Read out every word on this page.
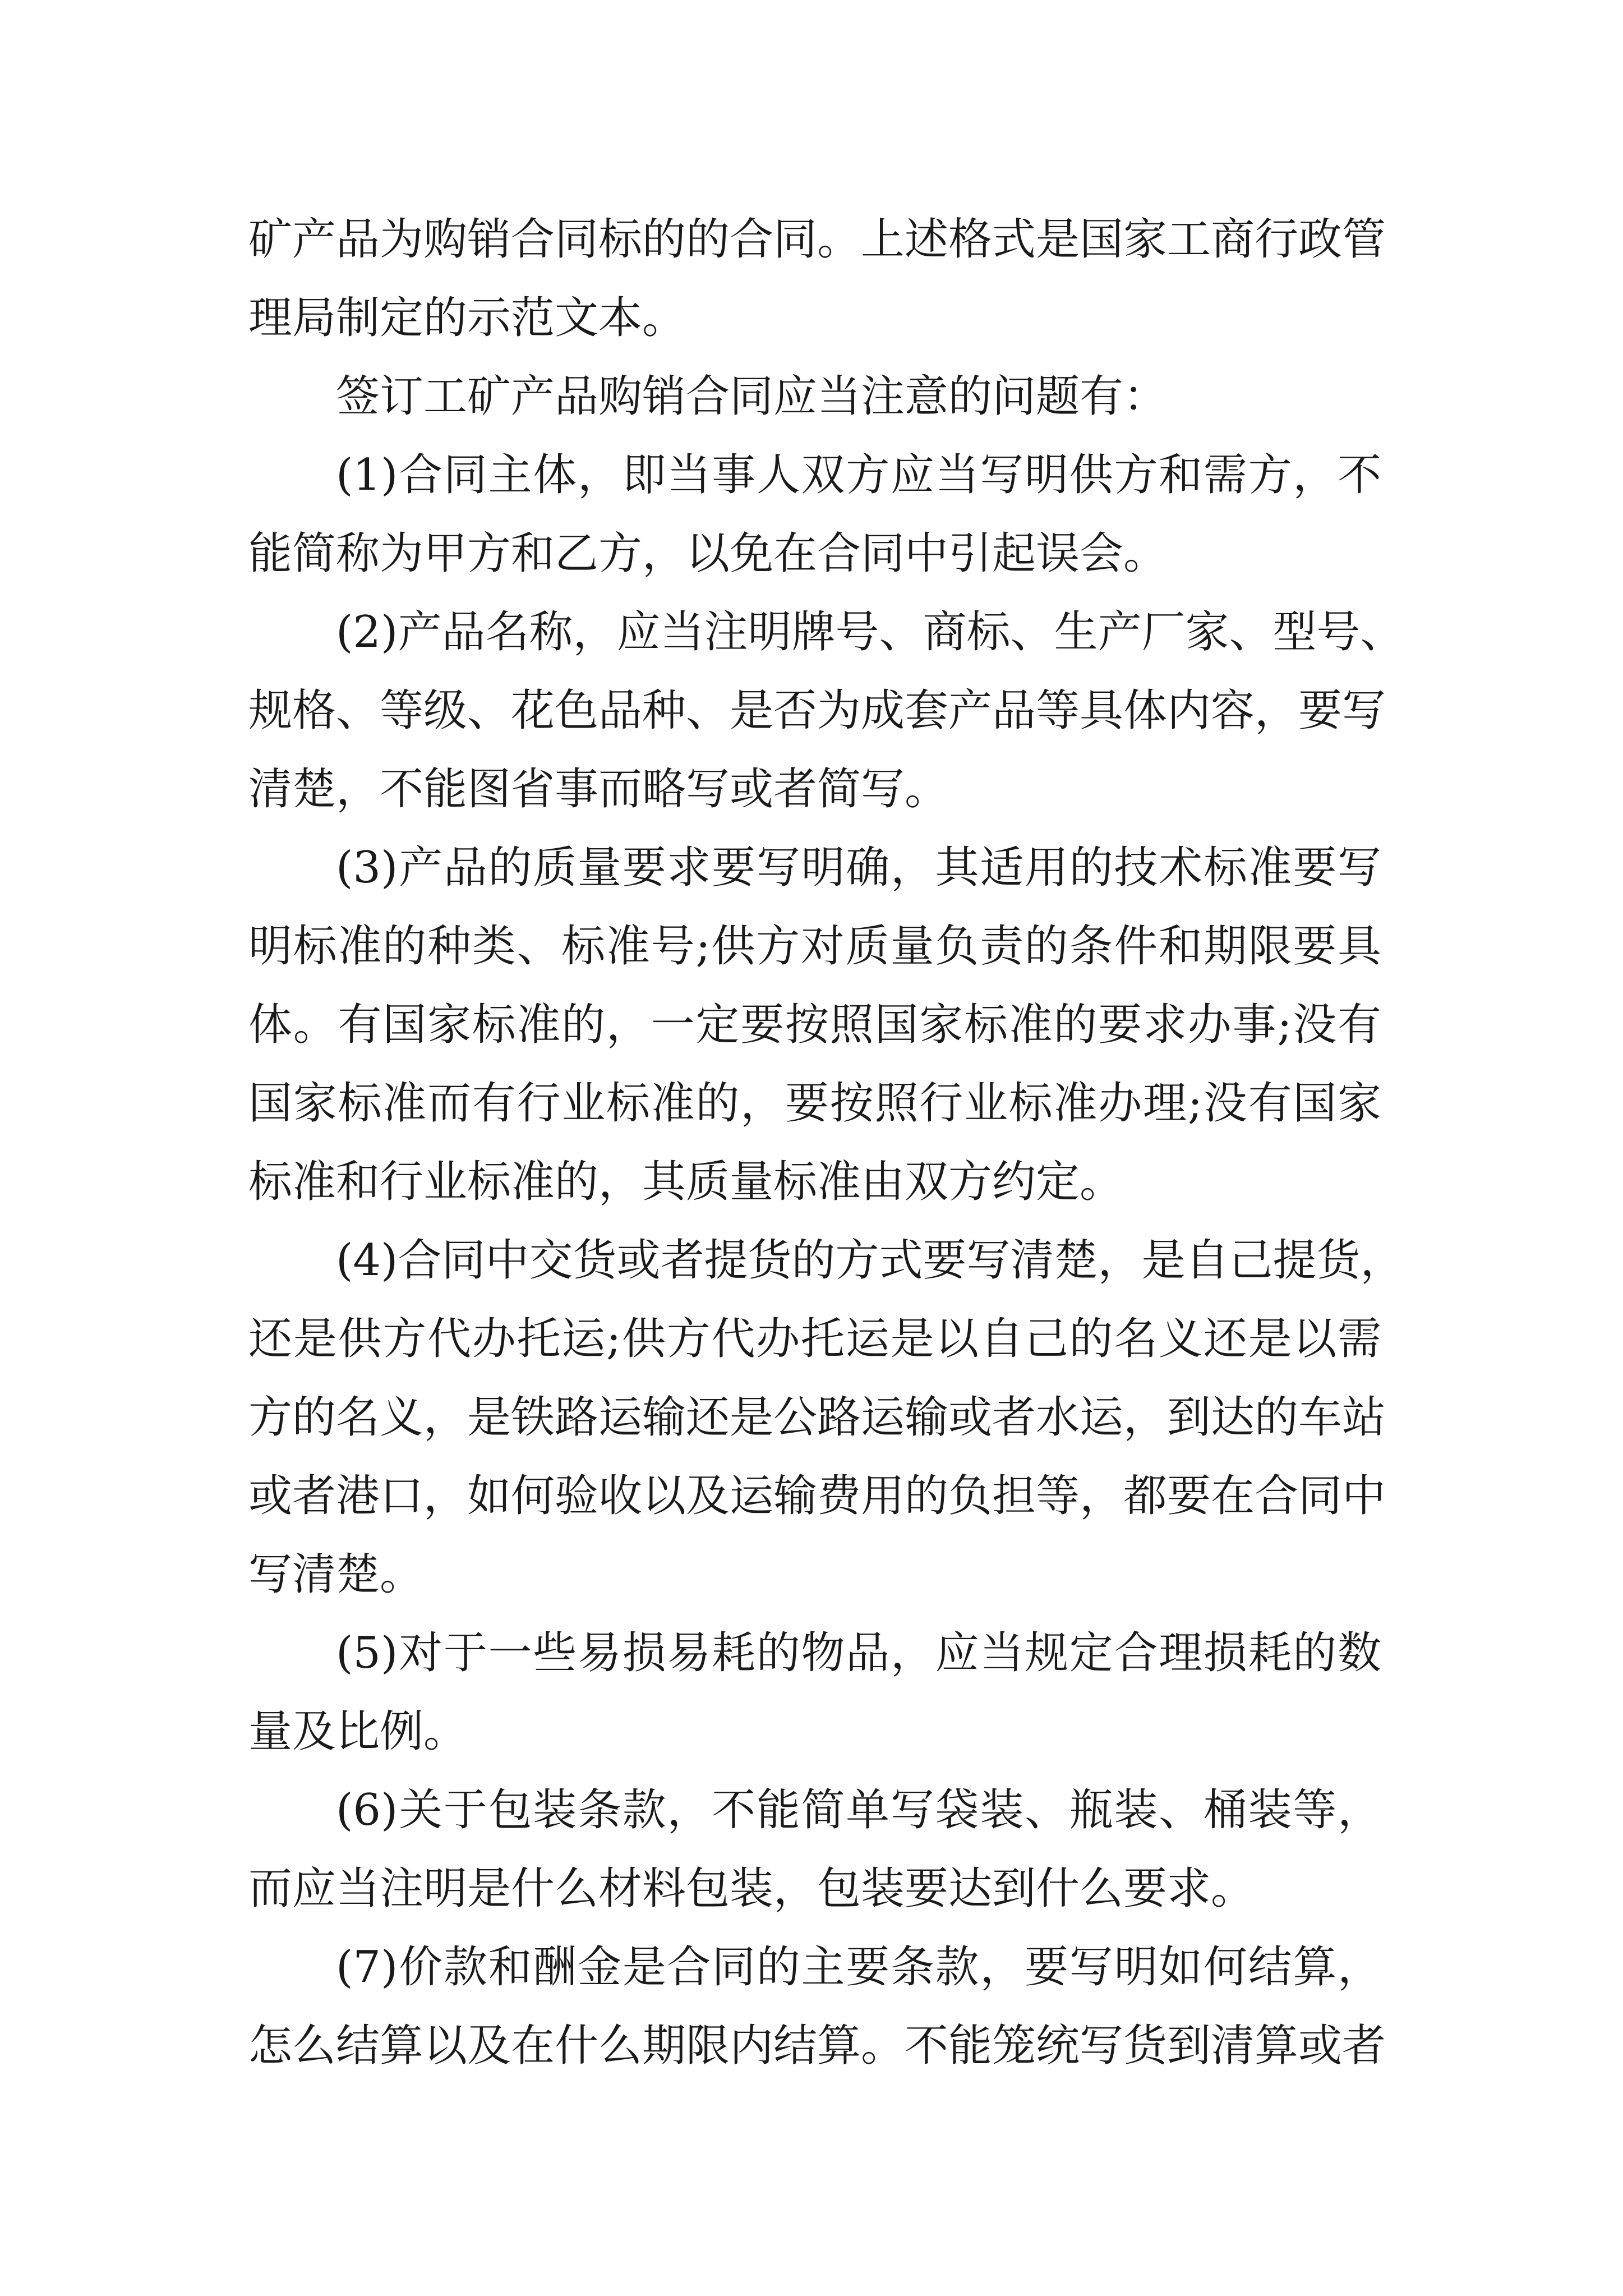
矿产品为购销合同标的的合同。上述格式是国家工商行政管
理局制定的示范文本。
签订工矿产品购销合同应当注意的问题有：
(1)合同主体，即当事人双方应当写明供方和需方，不
能简称为甲方和乙方，以免在合同中引起误会。
(2)产品名称，应当注明牌号、商标、生产厂家、型号、
规格、等级、花色品种、是否为成套产品等具体内容，要写
清楚，不能图省事而略写或者简写。
(3)产品的质量要求要写明确，其适用的技术标准要写
明标准的种类、标准号;供方对质量负责的条件和期限要具
体。有国家标准的，一定要按照国家标准的要求办事;没有
国家标准而有行业标准的，要按照行业标准办理;没有国家
标准和行业标准的，其质量标准由双方约定。
(4)合同中交货或者提货的方式要写清楚，是自己提货，
还是供方代办托运;供方代办托运是以自己的名义还是以需
方的名义，是铁路运输还是公路运输或者水运，到达的车站
或者港口，如何验收以及运输费用的负担等，都要在合同中
写清楚。
(5)对于一些易损易耗的物品，应当规定合理损耗的数
量及比例。
(6)关于包装条款，不能简单写袋装、瓶装、桶装等，
而应当注明是什么材料包装，包装要达到什么要求。
(7)价款和酬金是合同的主要条款，要写明如何结算，
怎么结算以及在什么期限内结算。不能笼统写货到清算或者
